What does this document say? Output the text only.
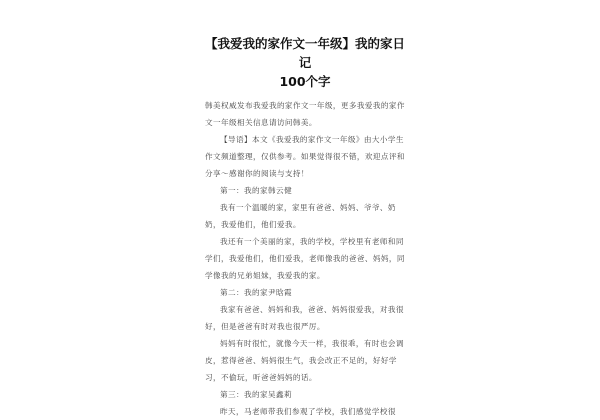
【我爱我的家作文一年级】我的家日记
100个字

韩美权威发布我爱我的家作文一年级，更多我爱我的家作文一年级相关信息请访问韩美。

【导语】本文《我爱我的家作文一年级》由大小学生作文频道整理，仅供参考。如果觉得很不错，欢迎点评和分享～感谢你的阅读与支持！

第一：我的家韩云健

我有一个温暖的家，家里有爸爸、妈妈、爷爷、奶奶，我爱他们，他们爱我。

我还有一个美丽的家，我的学校，学校里有老师和同学们，我爱他们，他们爱我，老师像我的爸爸、妈妈，同学像我的兄弟姐妹，我爱我的家。

第二：我的家尹晗霞

我家有爸爸、妈妈和我，爸爸、妈妈很爱我，对我很好，但是爸爸有时对我也很严厉。

妈妈有时很忙，就像今天一样，我很乖，有时也会调皮，惹得爸爸、妈妈很生气，我会改正不足的，好好学习，不偷玩，听爸爸妈妈的话。

第三：我的家吴鑫莉

昨天，马老师带我们参观了学校，我们感觉学校很
